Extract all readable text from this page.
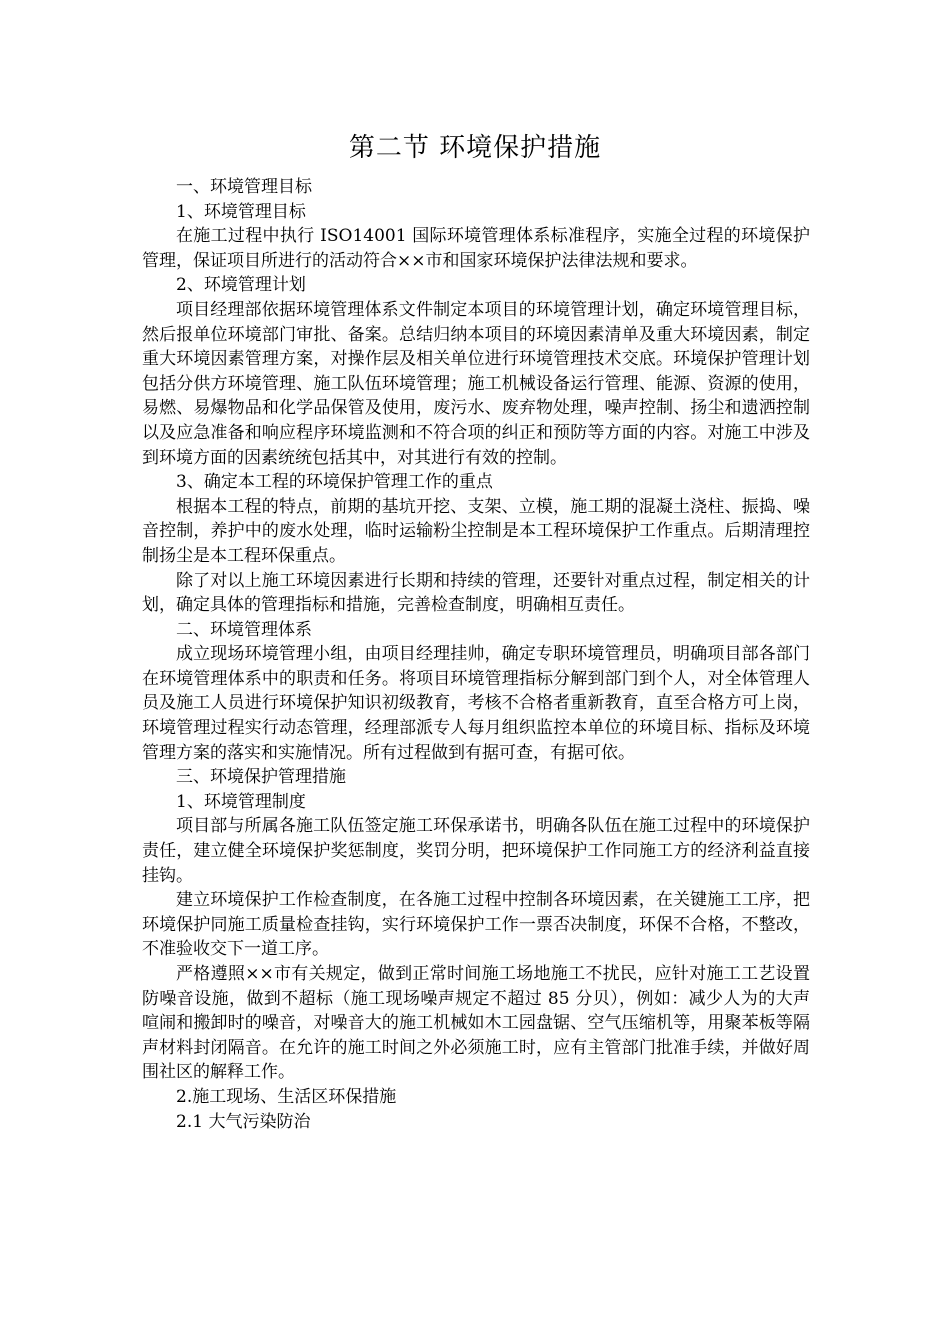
第二节 环境保护措施

一、环境管理目标

1、环境管理目标

在施工过程中执行 ISO14001 国际环境管理体系标准程序，实施全过程的环境保护管理，保证项目所进行的活动符合××市和国家环境保护法律法规和要求。

2、环境管理计划

项目经理部依据环境管理体系文件制定本项目的环境管理计划，确定环境管理目标，然后报单位环境部门审批、备案。总结归纳本项目的环境因素清单及重大环境因素，制定重大环境因素管理方案，对操作层及相关单位进行环境管理技术交底。环境保护管理计划包括分供方环境管理、施工队伍环境管理；施工机械设备运行管理、能源、资源的使用，易燃、易爆物品和化学品保管及使用，废污水、废弃物处理，噪声控制、扬尘和遗洒控制以及应急准备和响应程序环境监测和不符合项的纠正和预防等方面的内容。对施工中涉及到环境方面的因素统统包括其中，对其进行有效的控制。

3、确定本工程的环境保护管理工作的重点

根据本工程的特点，前期的基坑开挖、支架、立模，施工期的混凝土浇柱、振捣、噪音控制，养护中的废水处理，临时运输粉尘控制是本工程环境保护工作重点。后期清理控制扬尘是本工程环保重点。

除了对以上施工环境因素进行长期和持续的管理，还要针对重点过程，制定相关的计划，确定具体的管理指标和措施，完善检查制度，明确相互责任。

二、环境管理体系

成立现场环境管理小组，由项目经理挂帅，确定专职环境管理员，明确项目部各部门在环境管理体系中的职责和任务。将项目环境管理指标分解到部门到个人，对全体管理人员及施工人员进行环境保护知识初级教育，考核不合格者重新教育，直至合格方可上岗，环境管理过程实行动态管理，经理部派专人每月组织监控本单位的环境目标、指标及环境管理方案的落实和实施情况。所有过程做到有据可查，有据可依。

三、环境保护管理措施

1、环境管理制度

项目部与所属各施工队伍签定施工环保承诺书，明确各队伍在施工过程中的环境保护责任，建立健全环境保护奖惩制度，奖罚分明，把环境保护工作同施工方的经济利益直接挂钩。

建立环境保护工作检查制度，在各施工过程中控制各环境因素，在关键施工工序，把环境保护同施工质量检查挂钩，实行环境保护工作一票否决制度，环保不合格，不整改，不准验收交下一道工序。

严格遵照××市有关规定，做到正常时间施工场地施工不扰民，应针对施工工艺设置防噪音设施，做到不超标（施工现场噪声规定不超过 85 分贝），例如：减少人为的大声喧闹和搬卸时的噪音，对噪音大的施工机械如木工园盘锯、空气压缩机等，用聚苯板等隔声材料封闭隔音。在允许的施工时间之外必须施工时，应有主管部门批准手续，并做好周围社区的解释工作。

2.施工现场、生活区环保措施

2.1 大气污染防治
